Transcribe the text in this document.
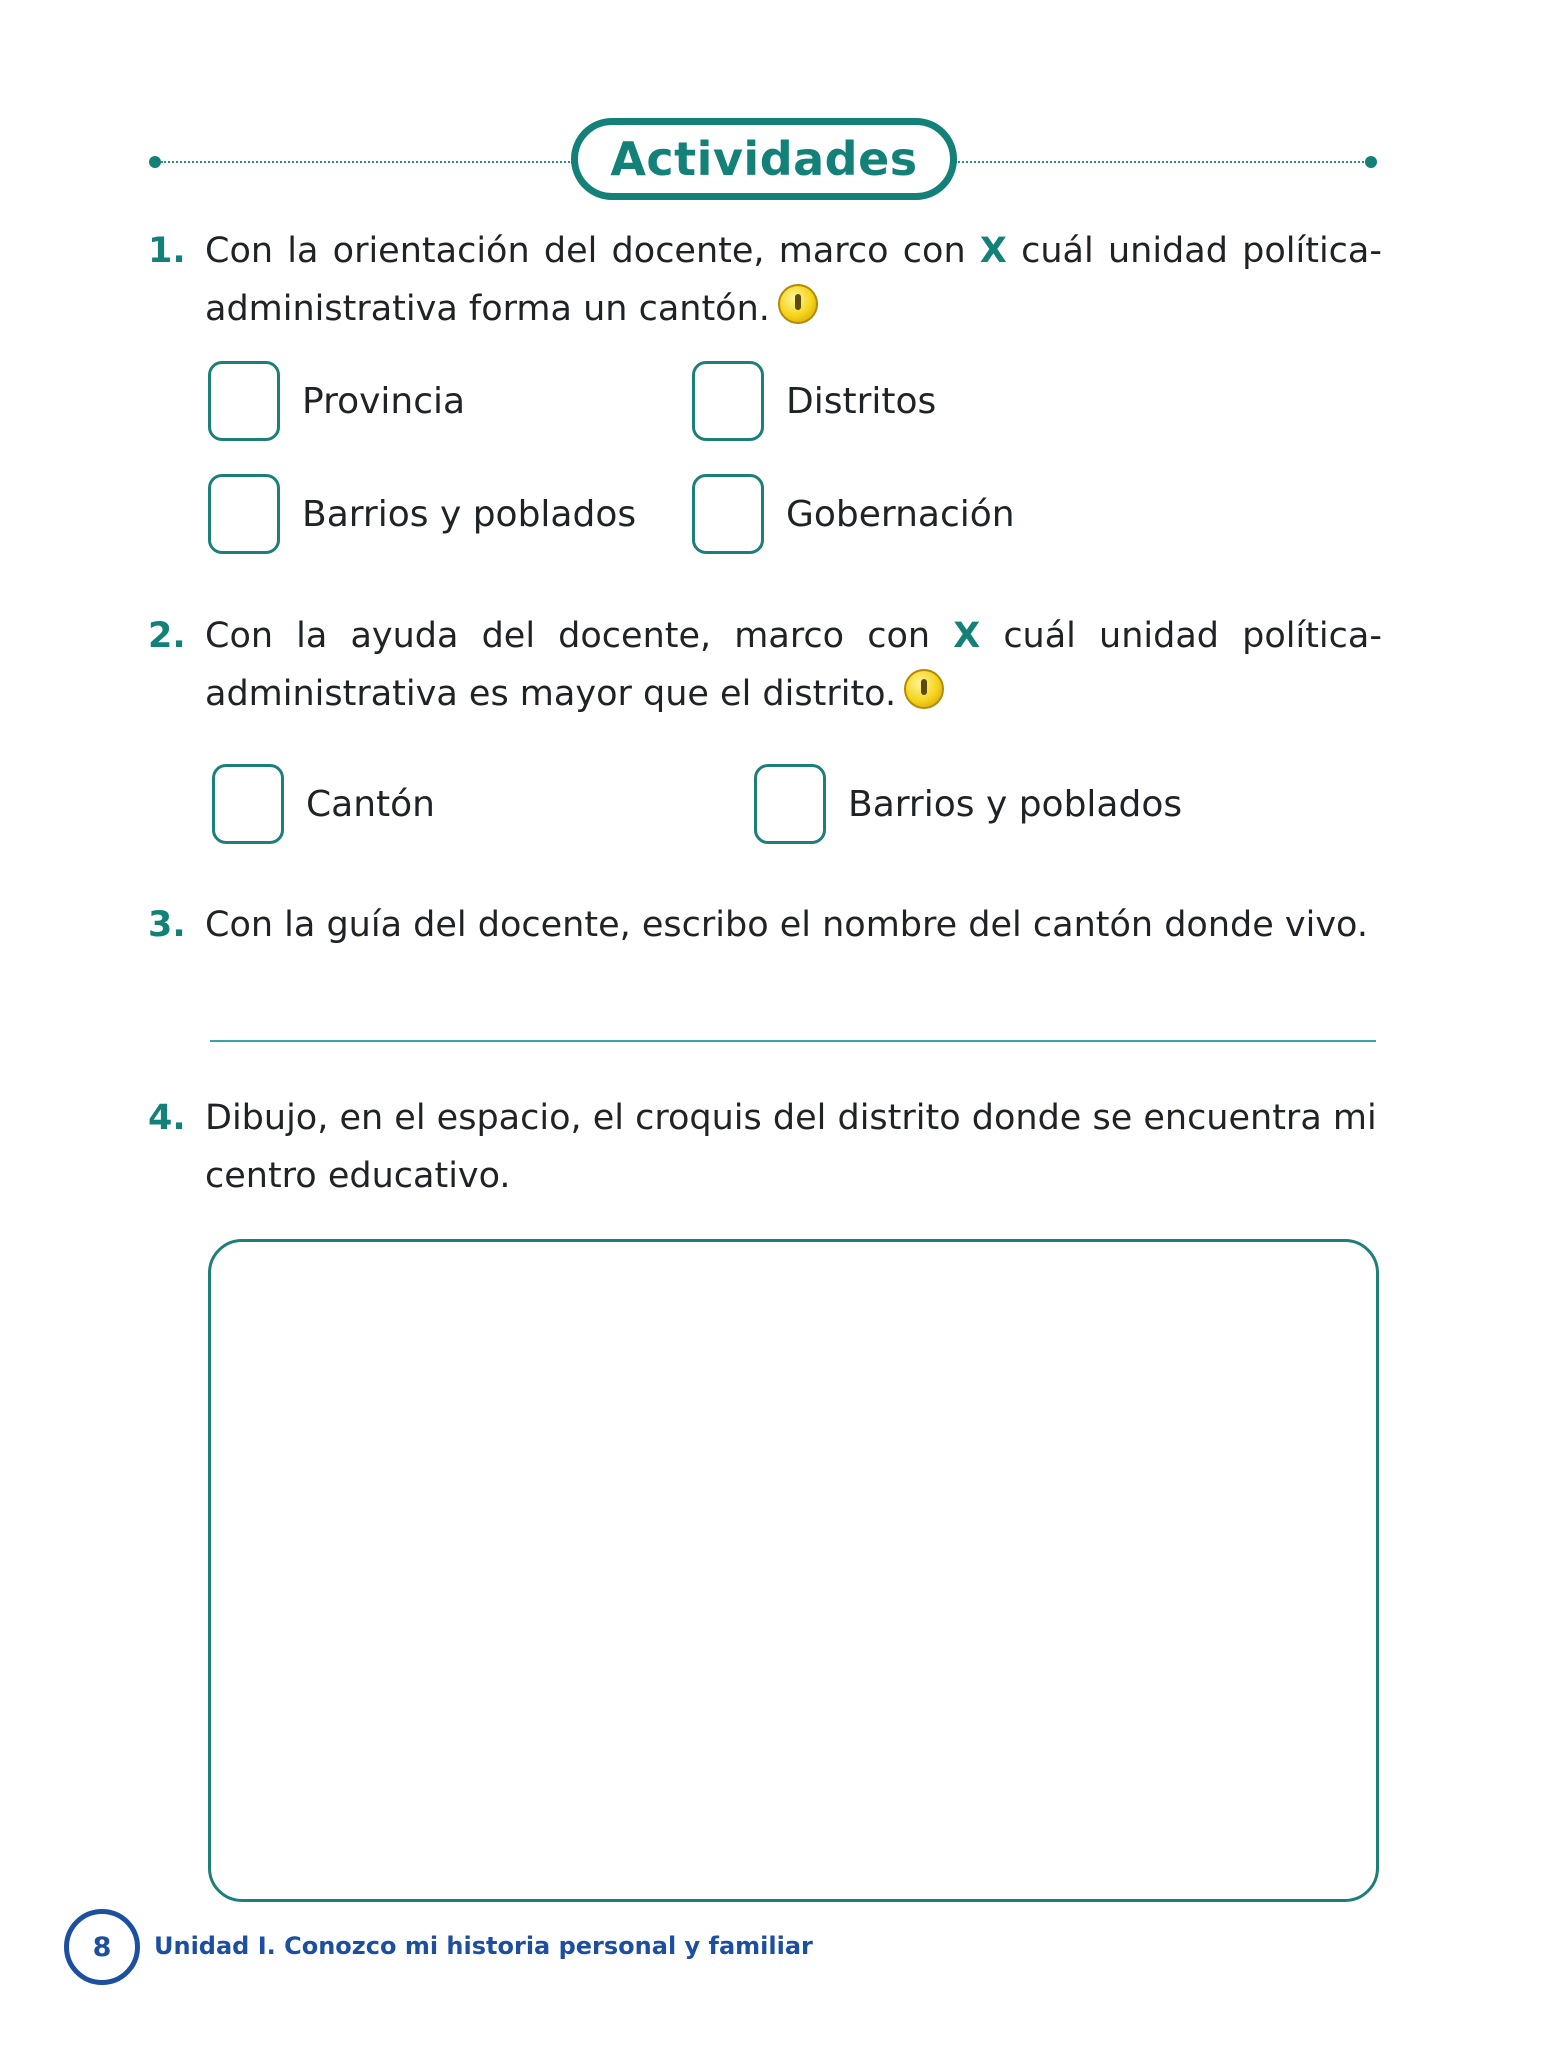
Actividades
1. Con la orientación del docente, marco con X cuál unidad política-administrativa forma un cantón.
Provincia	Distritos
Barrios y poblados	Gobernación
2. Con la ayuda del docente, marco con X cuál unidad política-administrativa es mayor que el distrito.
Cantón	Barrios y poblados
3. Con la guía del docente, escribo el nombre del cantón donde vivo.
4. Dibujo, en el espacio, el croquis del distrito donde se encuentra mi centro educativo.
8	Unidad I. Conozco mi historia personal y familiar
